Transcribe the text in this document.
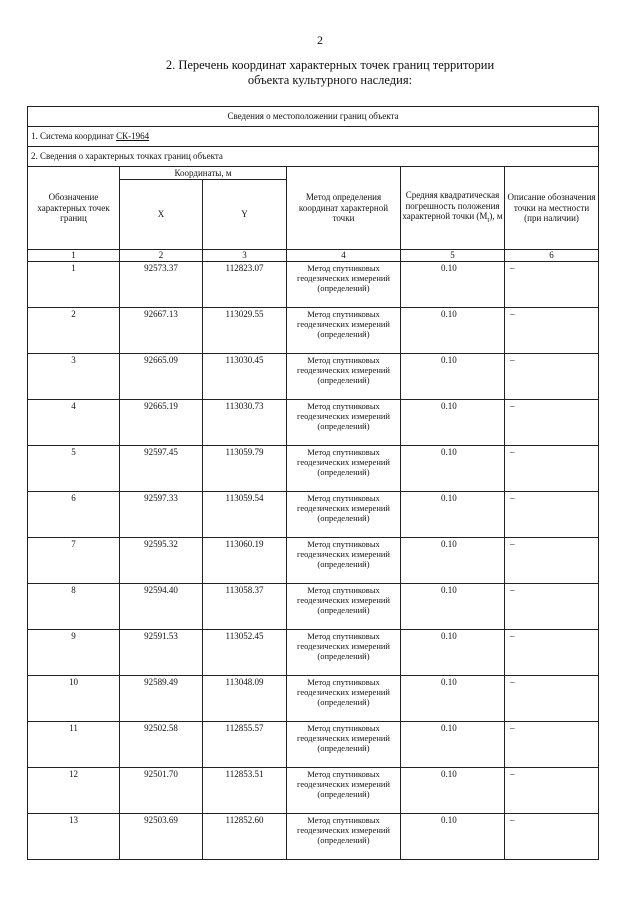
2
2. Перечень координат характерных точек границ территории
объекта культурного наследия:
Сведения о местоположении границ объекта					
1. Система координат СК-1964					
2. Сведения о характерных точках границ объекта					
Обозначение характерных точек границ	Координаты, м		Метод определения координат характерной точки	Средняя квадратическая погрешность положения характерной точки $(M_t)$, м	Описание обозначения точки на местности (при наличии)
	X	Y			
1	2	3	4	5	6
1	92573.37	112823.07	Метод спутниковых геодезических измерений (определений)	0.10	–
2	92667.13	113029.55	Метод спутниковых геодезических измерений (определений)	0.10	–
3	92665.09	113030.45	Метод спутниковых геодезических измерений (определений)	0.10	–
4	92665.19	113030.73	Метод спутниковых геодезических измерений (определений)	0.10	–
5	92597.45	113059.79	Метод спутниковых геодезических измерений (определений)	0.10	–
6	92597.33	113059.54	Метод спутниковых геодезических измерений (определений)	0.10	–
7	92595.32	113060.19	Метод спутниковых геодезических измерений (определений)	0.10	–
8	92594.40	113058.37	Метод спутниковых геодезических измерений (определений)	0.10	–
9	92591.53	113052.45	Метод спутниковых геодезических измерений (определений)	0.10	–
10	92589.49	113048.09	Метод спутниковых геодезических измерений (определений)	0.10	–
11	92502.58	112855.57	Метод спутниковых геодезических измерений (определений)	0.10	–
12	92501.70	112853.51	Метод спутниковых геодезических измерений (определений)	0.10	–
13	92503.69	112852.60	Метод спутниковых геодезических измерений (определений)	0.10	–
